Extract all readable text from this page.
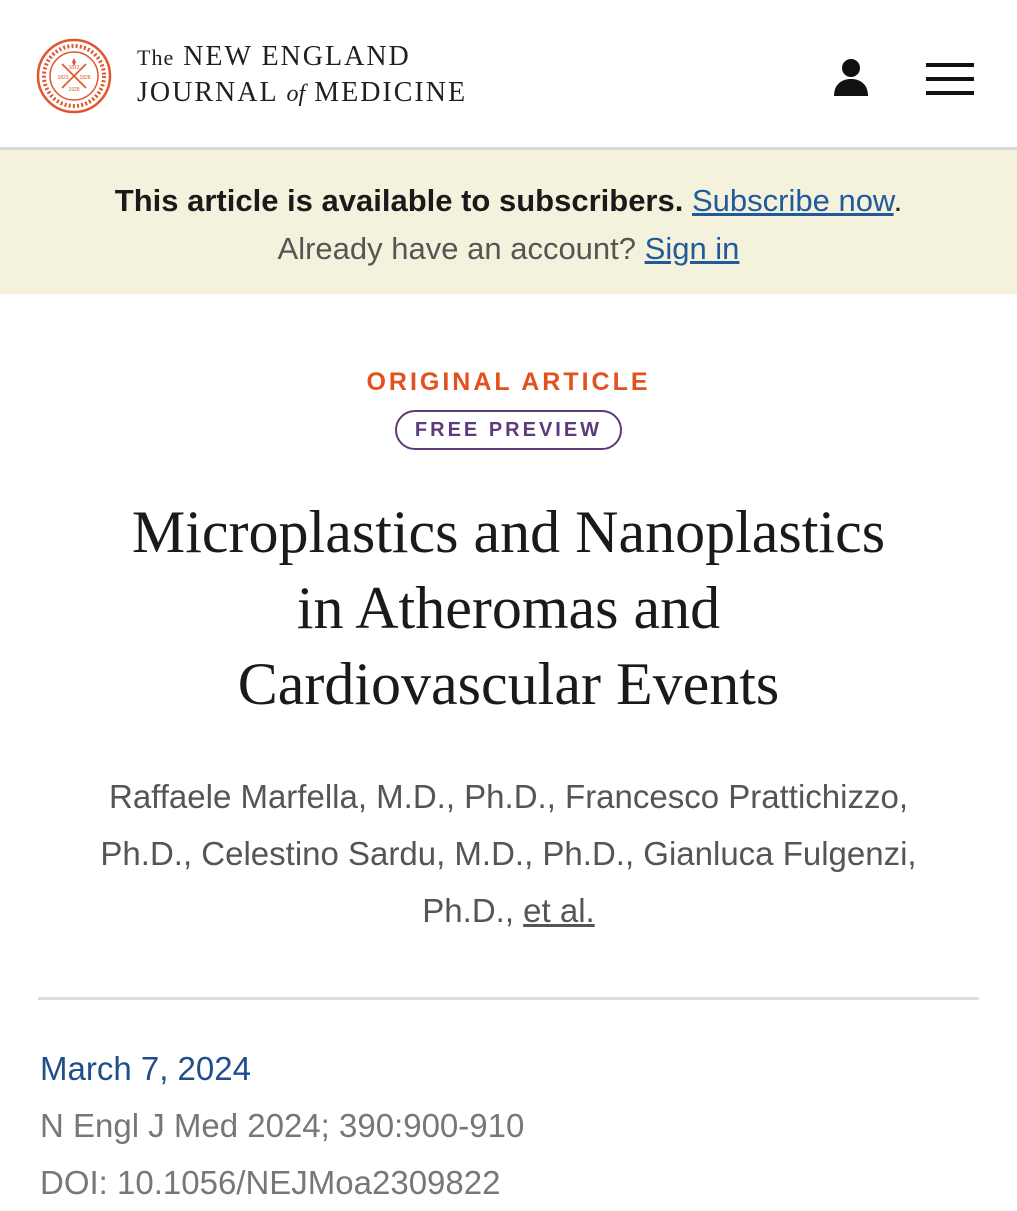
1812
1823 1828
1928
The NEW ENGLAND
JOURNAL of MEDICINE
This article is available to subscribers. Subscribe now.
Already have an account? Sign in
ORIGINAL ARTICLE
FREE PREVIEW
Microplastics and Nanoplastics
in Atheromas and
Cardiovascular Events
Raffaele Marfella, M.D., Ph.D., Francesco Prattichizzo,
Ph.D., Celestino Sardu, M.D., Ph.D., Gianluca Fulgenzi,
Ph.D., et al.
March 7, 2024
N Engl J Med 2024; 390:900-910
DOI: 10.1056/NEJMoa2309822
